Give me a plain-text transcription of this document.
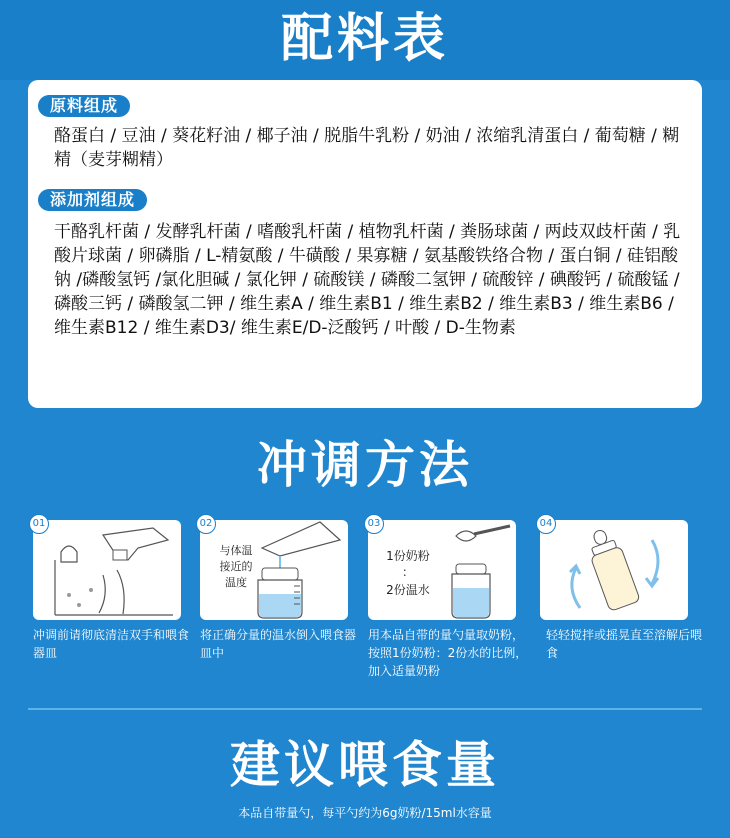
配料表
原料组成
酪蛋白 / 豆油 / 葵花籽油 / 椰子油 / 脱脂牛乳粉 / 奶油 / 浓缩乳清蛋白 / 葡萄糖 / 糊精（麦芽糊精）
添加剂组成
干酪乳杆菌 / 发酵乳杆菌 / 嗜酸乳杆菌 / 植物乳杆菌 / 粪肠球菌 / 两歧双歧杆菌 / 乳酸片球菌 / 卵磷脂 / L-精氨酸 / 牛磺酸 / 果寡糖 / 氨基酸铁络合物 / 蛋白铜 / 硅铝酸钠 /磷酸氢钙 /氯化胆碱 / 氯化钾 / 硫酸镁 / 磷酸二氢钾 / 硫酸锌 / 碘酸钙 / 硫酸锰 / 磷酸三钙 / 磷酸氢二钾 / 维生素A / 维生素B1 / 维生素B2 / 维生素B3 / 维生素B6 / 维生素B12 / 维生素D3/ 维生素E/D-泛酸钙 / 叶酸 / D-生物素
冲调方法
01
冲调前请彻底清洁双手和喂食器皿
02
与体温
接近的
温度
将正确分量的温水倒入喂食器皿中
03
1份奶粉
：
2份温水
用本品自带的量勺量取奶粉，按照1份奶粉：2份水的比例，加入适量奶粉
04
轻轻搅拌或摇晃直至溶解后喂食
建议喂食量
本品自带量勺，每平勺约为6g奶粉/15ml水容量
